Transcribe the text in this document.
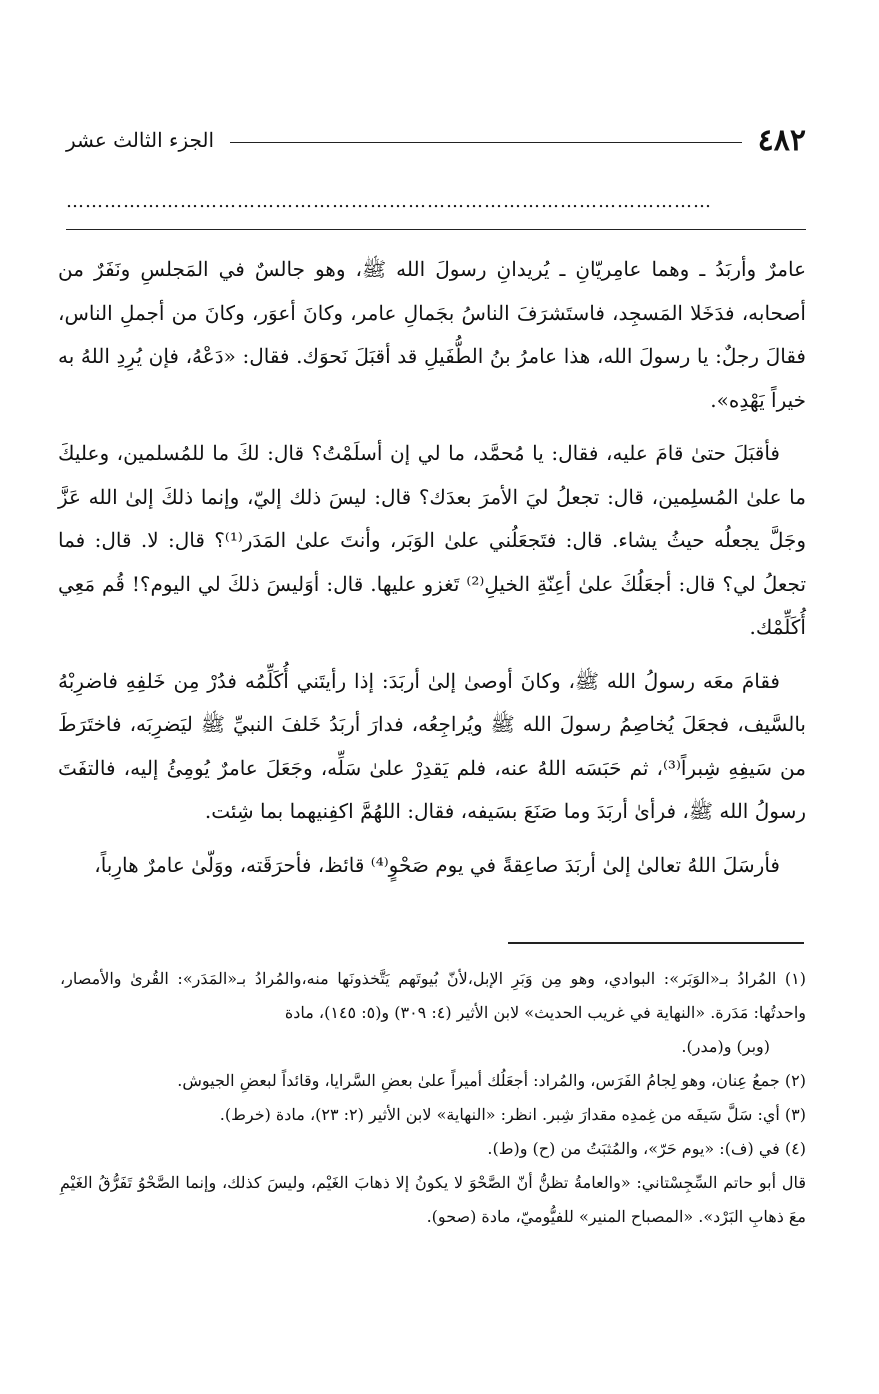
٤٨٢
الجزء الثالث عشر
…………………………………………………………………………………………

عامرٌ وأربَدُ ـ وهما عامِريّانِ ـ يُريدانِ رسولَ الله ﷺ، وهو جالسٌ في المَجلسِ ونَفَرٌ من أصحابه، فدَخَلا المَسجِد، فاستَشرَفَ الناسُ بجَمالِ عامر، وكانَ أعوَر، وكانَ من أجملِ الناس، فقالَ رجلٌ: يا رسولَ الله، هذا عامرُ بنُ الطُّفَيلِ قد أقبَلَ نَحوَك. فقال: «دَعْهُ، فإن يُرِدِ اللهُ به خيراً يَهْدِه».

فأقبَلَ حتىٰ قامَ عليه، فقال: يا مُحمَّد، ما لي إن أسلَمْتُ؟ قال: لكَ ما للمُسلمين، وعليكَ ما علىٰ المُسلِمين، قال: تجعلُ ليَ الأمرَ بعدَك؟ قال: ليسَ ذلك إليّ، وإنما ذلكَ إلىٰ الله عَزَّ وجَلَّ يجعلُه حيثُ يشاء. قال: فتَجعَلُني علىٰ الوَبَر، وأنتَ علىٰ المَدَر⁽¹⁾؟ قال: لا. قال: فما تجعلُ لي؟ قال: أجعَلُكَ علىٰ أعِنّةِ الخيلِ⁽²⁾ تَغزو عليها. قال: أوَليسَ ذلكَ لي اليوم؟! قُم مَعِي أُكَلِّمْك.

فقامَ معَه رسولُ الله ﷺ، وكانَ أوصىٰ إلىٰ أربَدَ: إذا رأيتَني أُكَلِّمُه فدُرْ مِن خَلفِهِ فاضرِبْهُ بالسَّيف، فجعَلَ يُخاصِمُ رسولَ الله ﷺ ويُراجِعُه، فدارَ أربَدُ خَلفَ النبيِّ ﷺ ليَضرِبَه، فاختَرَطَ من سَيفِهِ شِبراً⁽³⁾، ثم حَبَسَه اللهُ عنه، فلم يَقدِرْ علىٰ سَلِّه، وجَعَلَ عامرٌ يُومِئُ إليه، فالتفَتَ رسولُ الله ﷺ، فرأىٰ أربَدَ وما صَنَعَ بسَيفه، فقال: اللهُمَّ اكفِنيهما بما شِئت.

فأرسَلَ اللهُ تعالىٰ إلىٰ أربَدَ صاعِقةً في يوم صَحْوٍ⁽⁴⁾ قائظ، فأحرَقَته، ووَلّىٰ عامرٌ هارِباً،

(١) المُرادُ بـ«الوَبَر»: البوادي، وهو مِن وَبَرِ الإبل،لأنّ بُيوتَهم يَتَّخذونَها منه،والمُرادُ بـ«المَدَر»: القُرىٰ والأمصار، واحدتُها: مَدَرة. «النهاية في غريب الحديث» لابن الأثير (٤: ٣٠٩) و(٥: ١٤٥)، مادة

(وبر) و(مدر).

(٢) جمعُ عِنان، وهو لِجامُ الفَرَس، والمُراد: أجعَلُك أميراً علىٰ بعضِ السَّرايا، وقائداً لبعضِ الجيوش.

(٣) أي: سَلَّ سَيفَه من غِمدِه مقدارَ شِبر. انظر: «النهاية» لابن الأثير (٢: ٢٣)، مادة (خرط).

(٤) في (ف): «يوم حَرّ»، والمُثبَتُ من (ح) و(ط).

قال أبو حاتم السِّجِسْتاني: «والعامةُ تظنُّ أنّ الصَّحْوَ لا يكونُ إلا ذهابَ الغَيْم، وليسَ كذلك، وإنما الصَّحْوُ تَفَرُّقُ الغَيْمِ معَ ذهابِ البَرْد». «المصباح المنير» للفيُّوميّ، مادة (صحو).
